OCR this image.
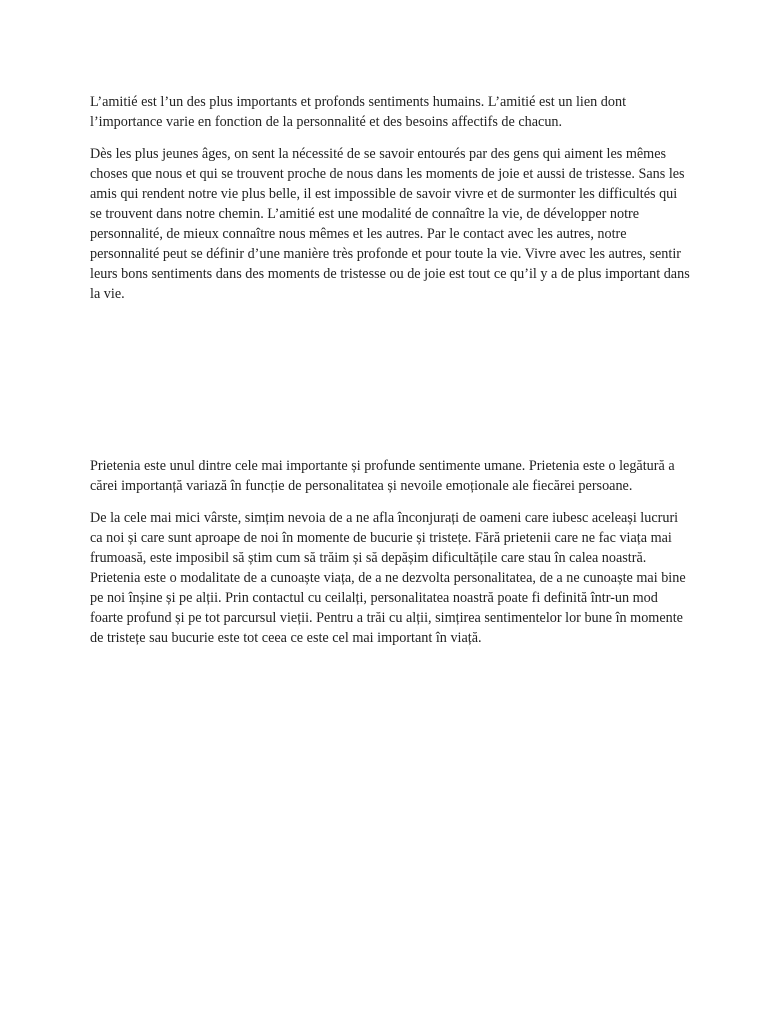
L’amitié est l’un des plus importants et profonds sentiments humains. L’amitié est un lien dont l’importance varie en fonction de la personnalité et des besoins affectifs de chacun.

Dès les plus jeunes âges, on sent la nécessité de se savoir entourés par des gens qui aiment les mêmes choses que nous et qui se trouvent proche de nous dans les moments de joie et aussi de tristesse. Sans les amis qui rendent notre vie plus belle, il est impossible de savoir vivre et de surmonter les difficultés qui se trouvent dans notre chemin. L’amitié est une modalité de connaître la vie, de développer notre personnalité, de mieux connaître nous mêmes et les autres. Par le contact avec les autres, notre personnalité peut se définir d’une manière très profonde et pour toute la vie. Vivre avec les autres, sentir leurs bons sentiments dans des moments de tristesse ou de joie est tout ce qu’il y a de plus important dans la vie.

Prietenia este unul dintre cele mai importante și profunde sentimente umane. Prietenia este o legătură a cărei importanță variază în funcție de personalitatea și nevoile emoționale ale fiecărei persoane.

De la cele mai mici vârste, simțim nevoia de a ne afla înconjurați de oameni care iubesc aceleași lucruri ca noi și care sunt aproape de noi în momente de bucurie și tristețe. Fără prietenii care ne fac viața mai frumoasă, este imposibil să știm cum să trăim și să depășim dificultățile care stau în calea noastră. Prietenia este o modalitate de a cunoaște viața, de a ne dezvolta personalitatea, de a ne cunoaște mai bine pe noi înșine și pe alții. Prin contactul cu ceilalți, personalitatea noastră poate fi definită într-un mod foarte profund și pe tot parcursul vieții. Pentru a trăi cu alții, simțirea sentimentelor lor bune în momente de tristețe sau bucurie este tot ceea ce este cel mai important în viață.
